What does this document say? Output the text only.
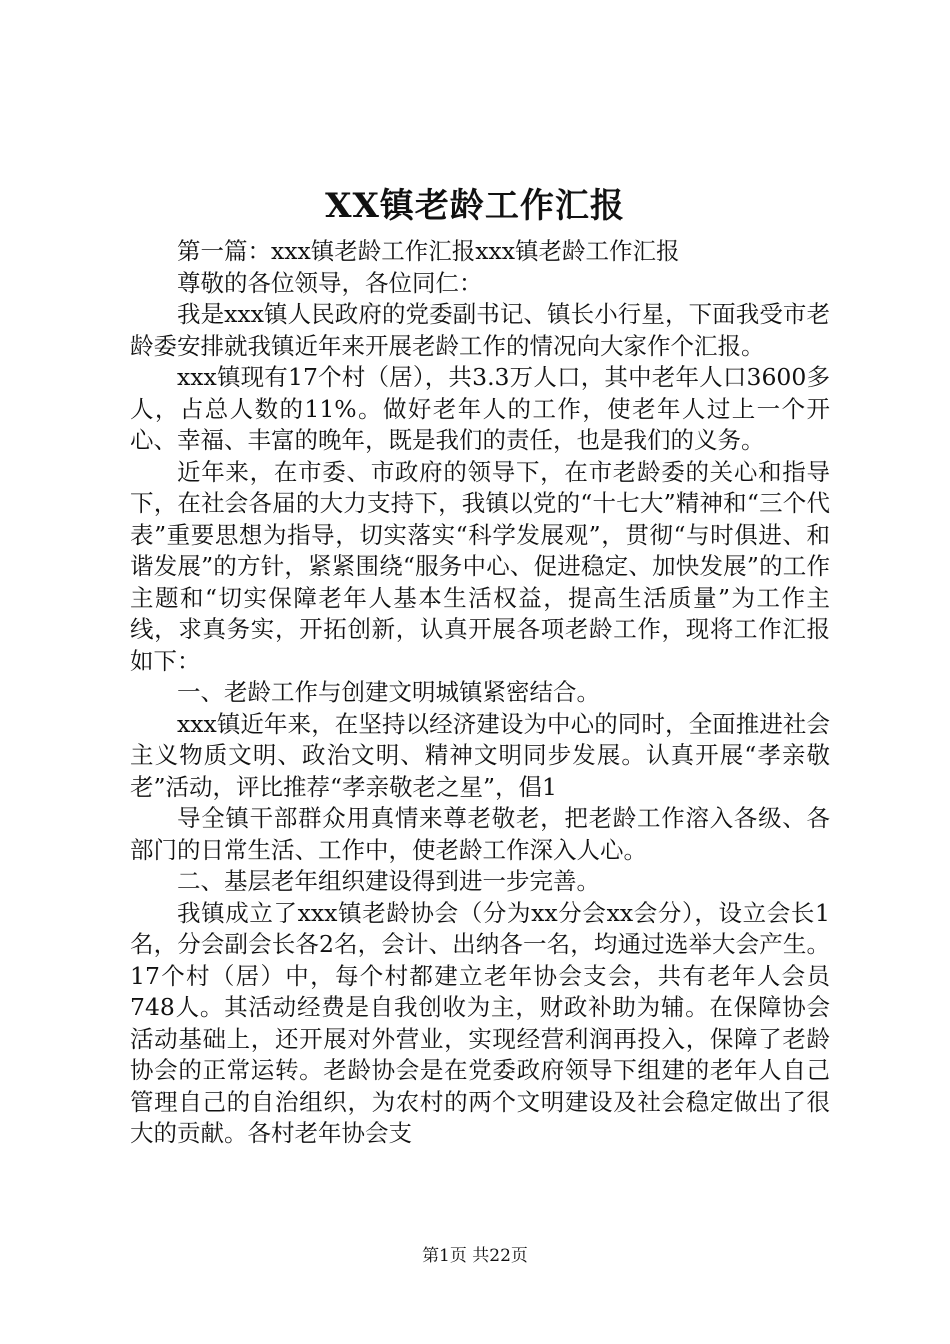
XX镇老龄工作汇报

第一篇：xxx镇老龄工作汇报xxx镇老龄工作汇报

尊敬的各位领导，各位同仁：

我是xxx镇人民政府的党委副书记、镇长小行星，下面我受市老龄委安排就我镇近年来开展老龄工作的情况向大家作个汇报。

xxx镇现有17个村（居），共3.3万人口，其中老年人口3600多人，占总人数的11%。做好老年人的工作，使老年人过上一个开心、幸福、丰富的晚年，既是我们的责任，也是我们的义务。

近年来，在市委、市政府的领导下，在市老龄委的关心和指导下，在社会各届的大力支持下，我镇以党的“十七大”精神和“三个代表”重要思想为指导，切实落实“科学发展观”，贯彻“与时俱进、和谐发展”的方针，紧紧围绕“服务中心、促进稳定、加快发展”的工作主题和“切实保障老年人基本生活权益，提高生活质量”为工作主线，求真务实，开拓创新，认真开展各项老龄工作，现将工作汇报如下：

一、老龄工作与创建文明城镇紧密结合。

xxx镇近年来，在坚持以经济建设为中心的同时，全面推进社会主义物质文明、政治文明、精神文明同步发展。认真开展“孝亲敬老”活动，评比推荐“孝亲敬老之星”，倡1

导全镇干部群众用真情来尊老敬老，把老龄工作溶入各级、各部门的日常生活、工作中，使老龄工作深入人心。

二、基层老年组织建设得到进一步完善。

我镇成立了xxx镇老龄协会（分为xx分会xx会分），设立会长1名，分会副会长各2名，会计、出纳各一名，均通过选举大会产生。17个村（居）中，每个村都建立老年协会支会，共有老年人会员748人。其活动经费是自我创收为主，财政补助为辅。在保障协会活动基础上，还开展对外营业，实现经营利润再投入，保障了老龄协会的正常运转。老龄协会是在党委政府领导下组建的老年人自己管理自己的自治组织，为农村的两个文明建设及社会稳定做出了很大的贡献。各村老年协会支

第1页 共22页
